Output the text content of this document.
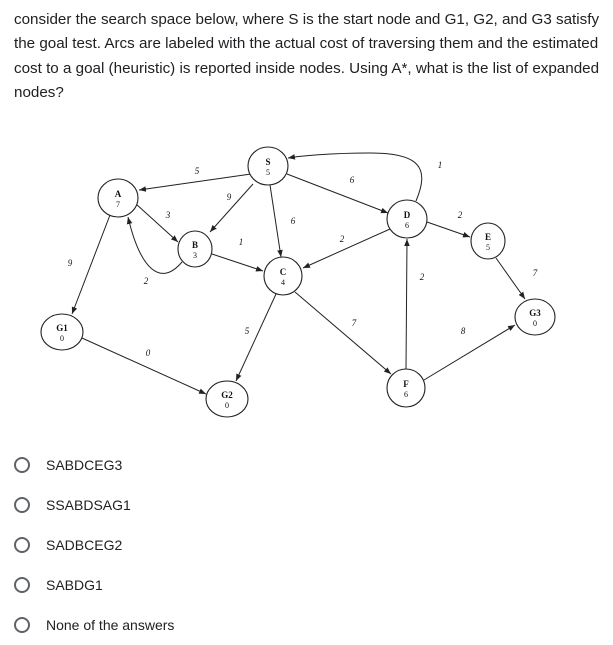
consider the search space below, where S is the start node and G1, G2, and G3 satisfy the goal test. Arcs are labeled with the actual cost of traversing them and the estimated cost to a goal (heuristic) is reported inside nodes. Using A*, what is the list of expanded nodes?

5
9
6
6
1
9
3
2
1	2
2
5
7
2
8
7
0
S
5
A
7
B
3
C
4
D
6
E
5
F
6
G1
0
G2
0
G3
0
SABDCEG3
SSABDSAG1
SADBCEG2
SABDG1
None of the answers
